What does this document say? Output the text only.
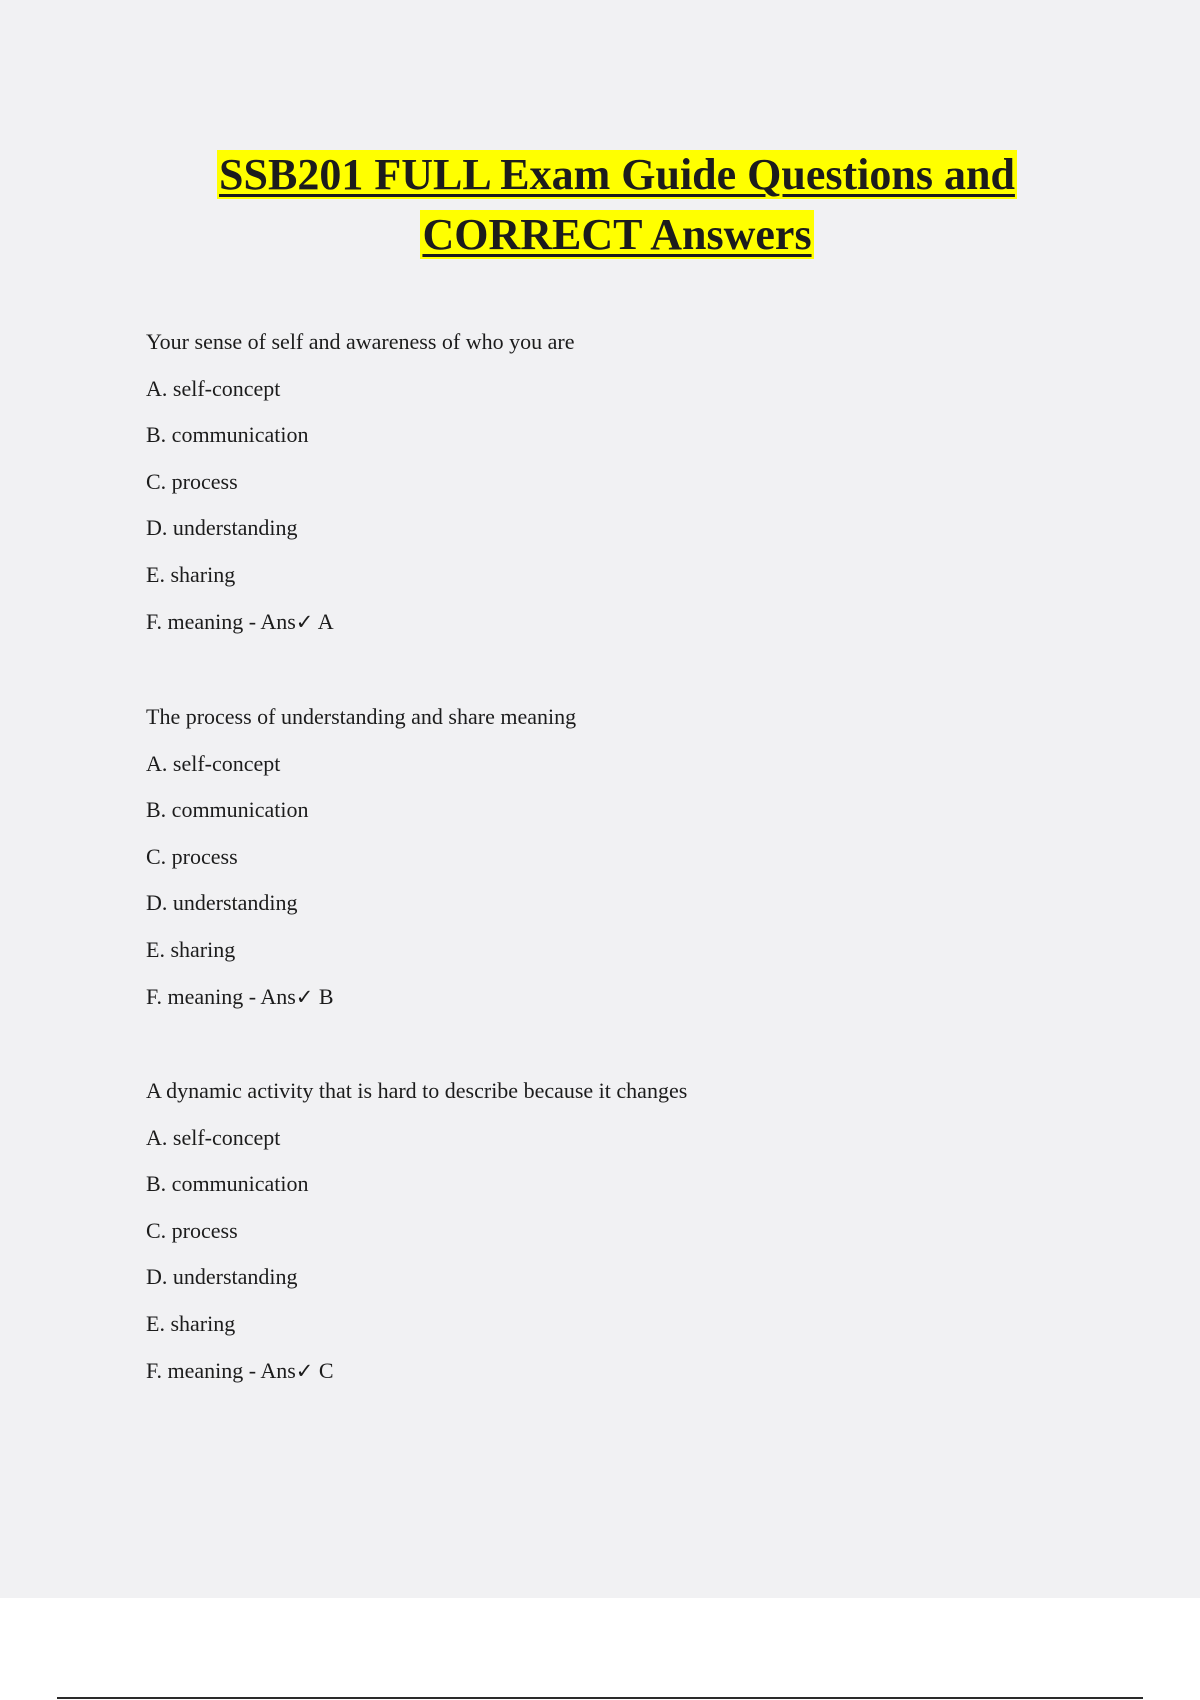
SSB201 FULL Exam Guide Questions and
CORRECT Answers
Your sense of self and awareness of who you are
A. self-concept
B. communication
C. process
D. understanding
E. sharing
F. meaning - Ans✓ A
The process of understanding and share meaning
A. self-concept
B. communication
C. process
D. understanding
E. sharing
F. meaning - Ans✓ B
A dynamic activity that is hard to describe because it changes
A. self-concept
B. communication
C. process
D. understanding
E. sharing
F. meaning - Ans✓ C
